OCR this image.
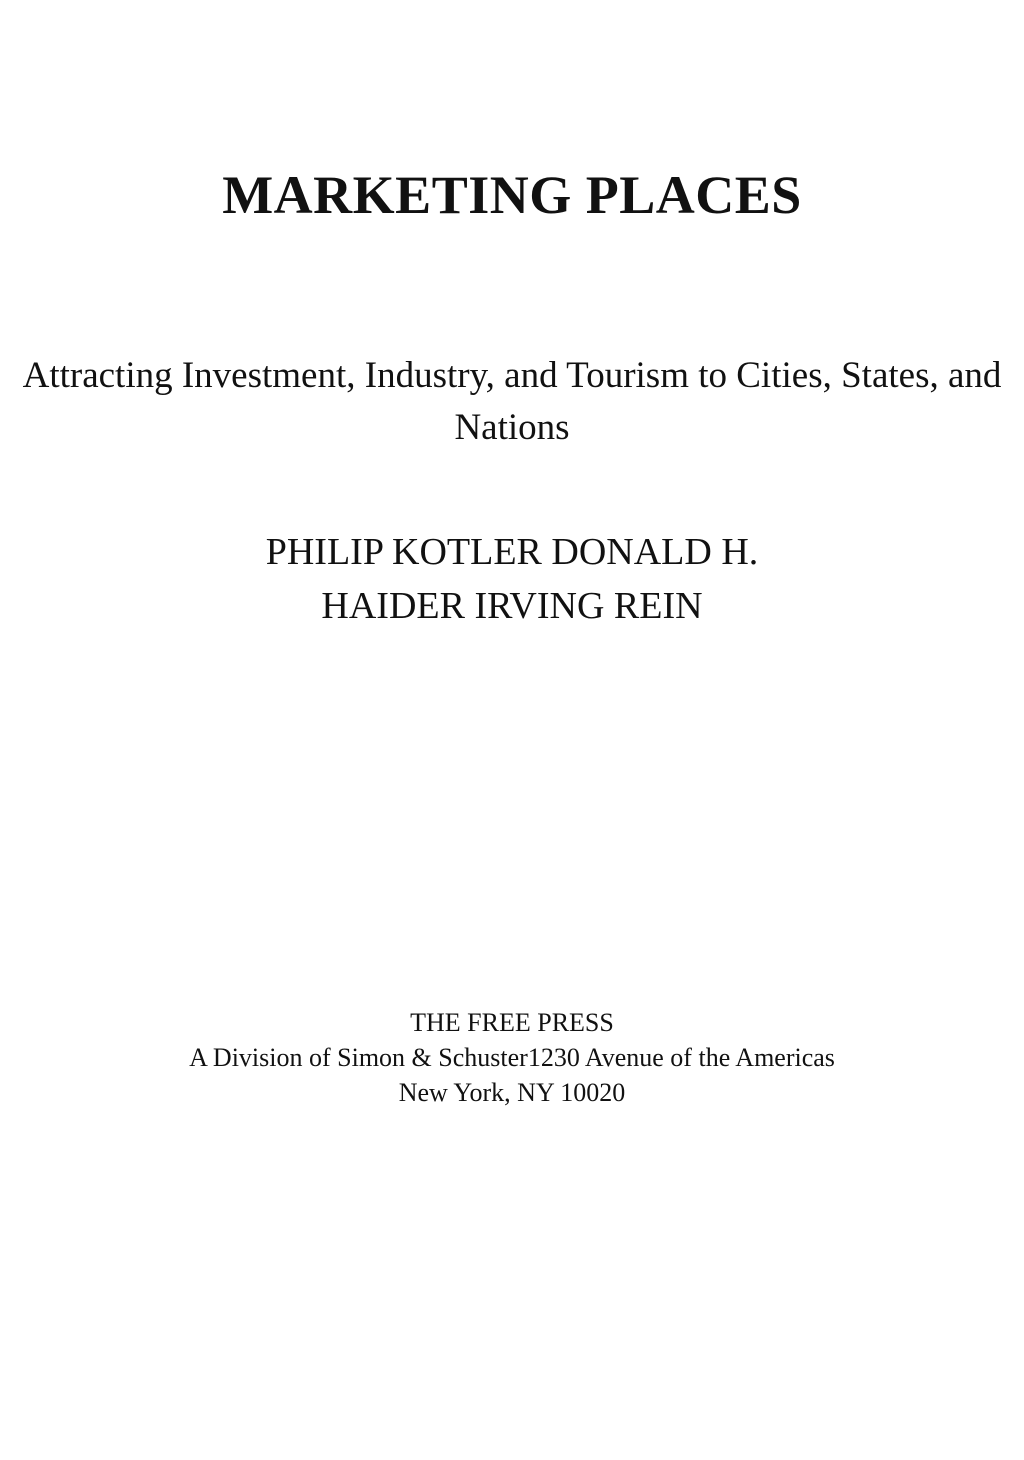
MARKETING PLACES
Attracting Investment, Industry, and Tourism to Cities, States, and Nations
PHILIP KOTLER DONALD H.
HAIDER IRVING REIN
THE FREE PRESS
A Division of Simon & Schuster1230 Avenue of the Americas
New York, NY 10020
